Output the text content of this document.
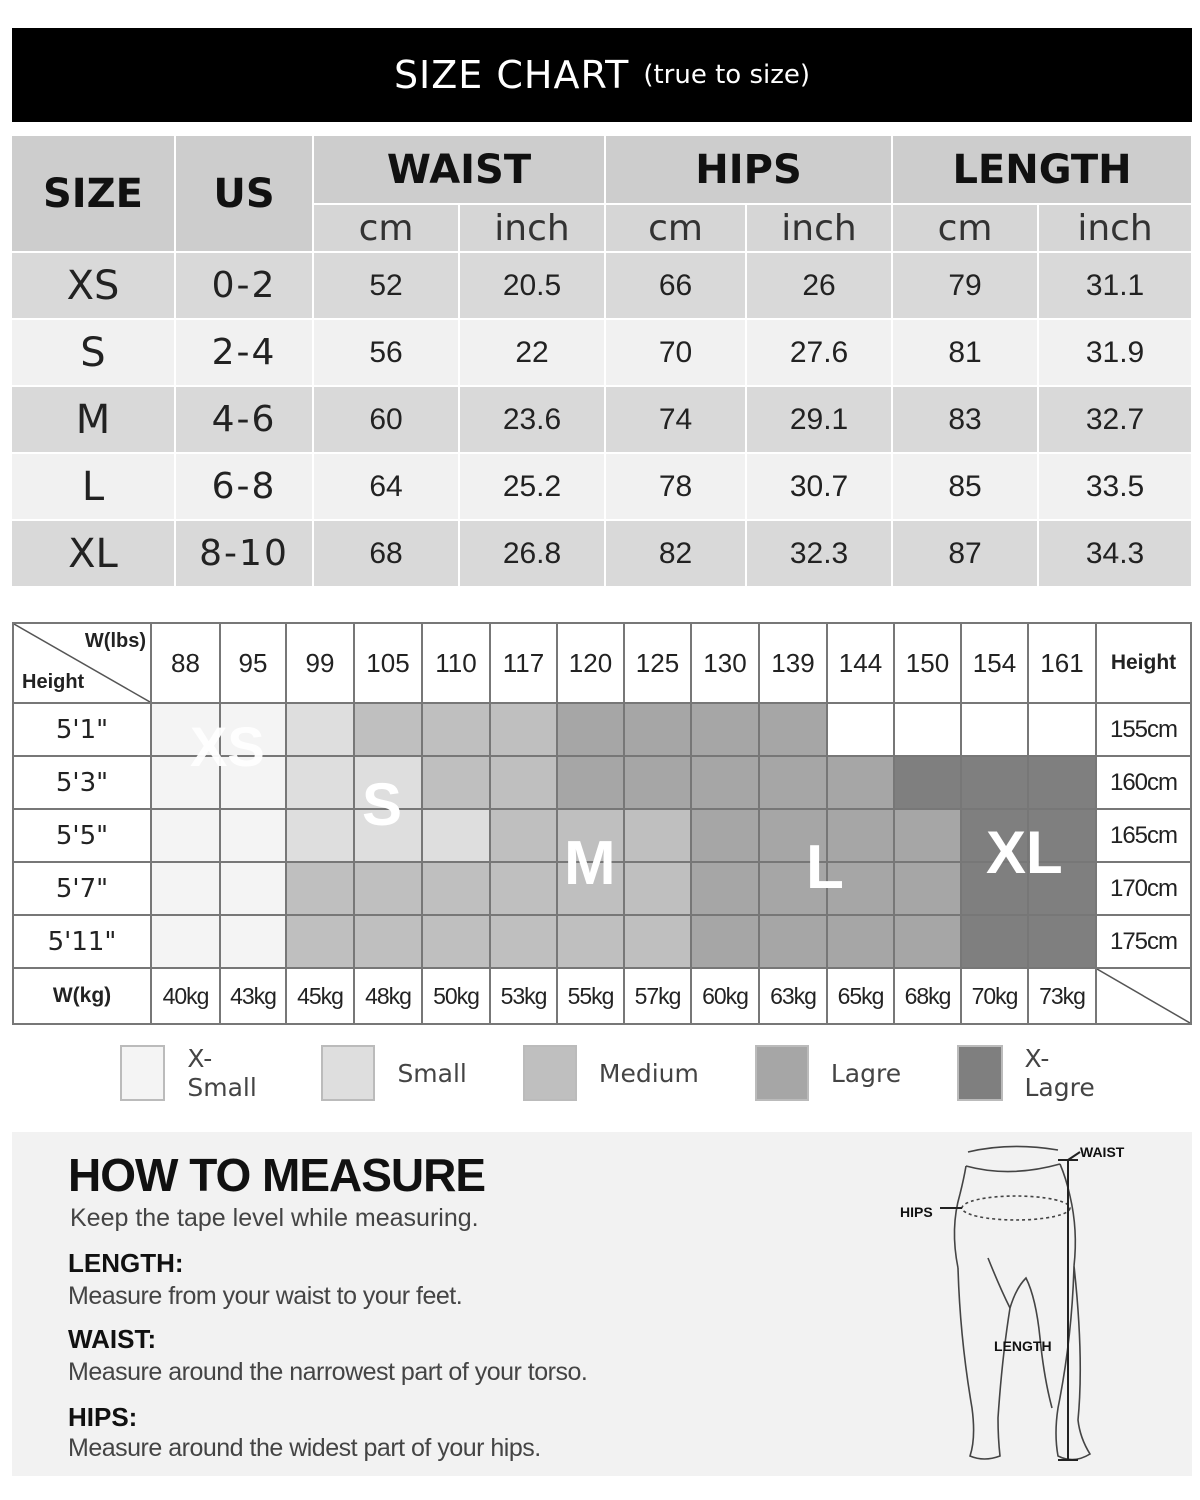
SIZE CHART (true to size)
SIZE	US	WAIST		HIPS		LENGTH	
		cm	inch	cm	inch	cm	inch
XS	0-2	52	20.5	66	26	79	31.1
S	2-4	56	22	70	27.6	81	31.9
M	4-6	60	23.6	74	29.1	83	32.7
L	6-8	64	25.2	78	30.7	85	33.5
XL	8-10	68	26.8	82	32.3	87	34.3
W(lbs)
Height	88	95	99	105	110	117	120	125	130	139	144	150	154	161	Height
5'1"															155cm
5'3"															160cm
5'5"															165cm
5'7"															170cm
5'11"															175cm
W(kg)	40kg	43kg	45kg	48kg	50kg	53kg	55kg	57kg	60kg	63kg	65kg	68kg	70kg	73kg	
XS
S
M	L XL
X-Small	Small	Medium	Lagre	X-Lagre
HOW TO MEASURE
Keep the tape level while measuring.
LENGTH:
Measure from your waist to your feet.
WAIST:
Measure around the narrowest part of your torso.
HIPS:
Measure around the widest part of your hips.
WAIST
HIPS
LENGTH
